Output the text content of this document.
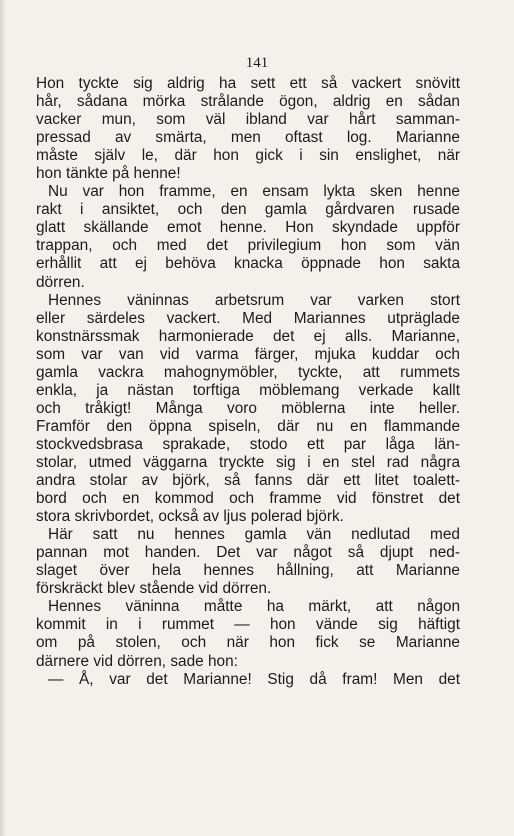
141
Hon tyckte sig aldrig ha sett ett så vackert snövitt
hår, sådana mörka strålande ögon, aldrig en sådan
vacker mun, som väl ibland var hårt samman-
pressad av smärta, men oftast log. Marianne
måste själv le, där hon gick i sin enslighet, när
hon tänkte på henne!
Nu var hon framme, en ensam lykta sken henne
rakt i ansiktet, och den gamla gårdvaren rusade
glatt skällande emot henne. Hon skyndade uppför
trappan, och med det privilegium hon som vän
erhållit att ej behöva knacka öppnade hon sakta
dörren.
Hennes väninnas arbetsrum var varken stort
eller särdeles vackert. Med Mariannes utpräglade
konstnärssmak harmonierade det ej alls. Marianne,
som var van vid varma färger, mjuka kuddar och
gamla vackra mahognymöbler, tyckte, att rummets
enkla, ja nästan torftiga möblemang verkade kallt
och tråkigt! Många voro möblerna inte heller.
Framför den öppna spiseln, där nu en flammande
stockvedsbrasa sprakade, stodo ett par låga län-
stolar, utmed väggarna tryckte sig i en stel rad några
andra stolar av björk, så fanns där ett litet toalett-
bord och en kommod och framme vid fönstret det
stora skrivbordet, också av ljus polerad björk.
Här satt nu hennes gamla vän nedlutad med
pannan mot handen. Det var något så djupt ned-
slaget över hela hennes hållning, att Marianne
förskräckt blev stående vid dörren.
Hennes väninna måtte ha märkt, att någon
kommit in i rummet — hon vände sig häftigt
om på stolen, och när hon fick se Marianne
därnere vid dörren, sade hon:
— Å, var det Marianne! Stig då fram! Men det
